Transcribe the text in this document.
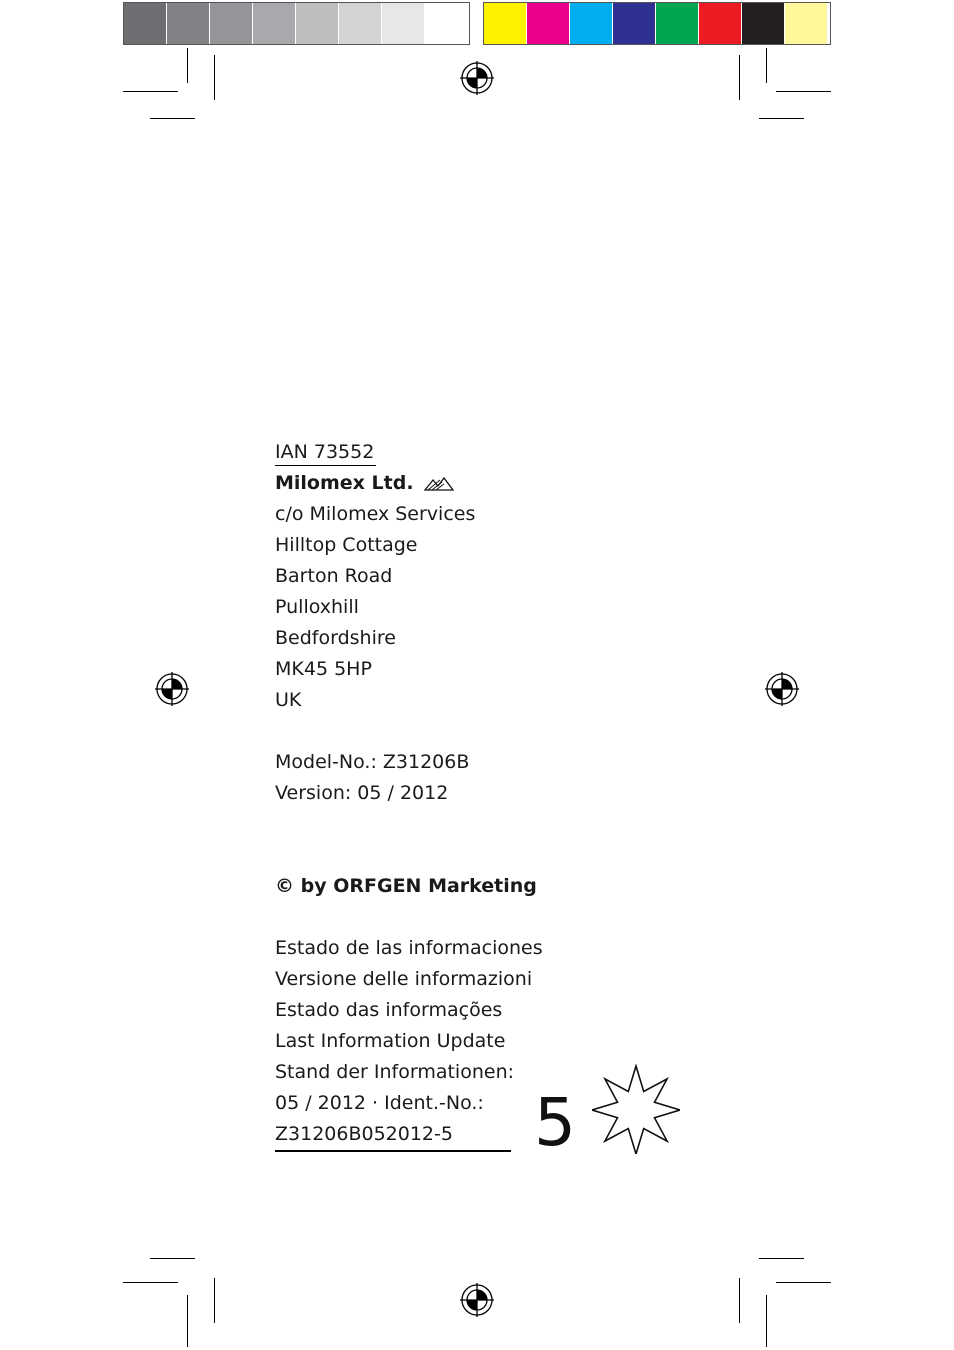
IAN 73552
Milomex Ltd.
c/o Milomex Services
Hilltop Cottage
Barton Road
Pulloxhill
Bedfordshire
MK45 5HP
UK
Model-No.: Z31206B
Version: 05 / 2012
© by ORFGEN Marketing
Estado de las informaciones
Versione delle informazioni
Estado das informações
Last Information Update
Stand der Informationen:
05 / 2012 · Ident.-No.:
Z31206B052012-5	5
